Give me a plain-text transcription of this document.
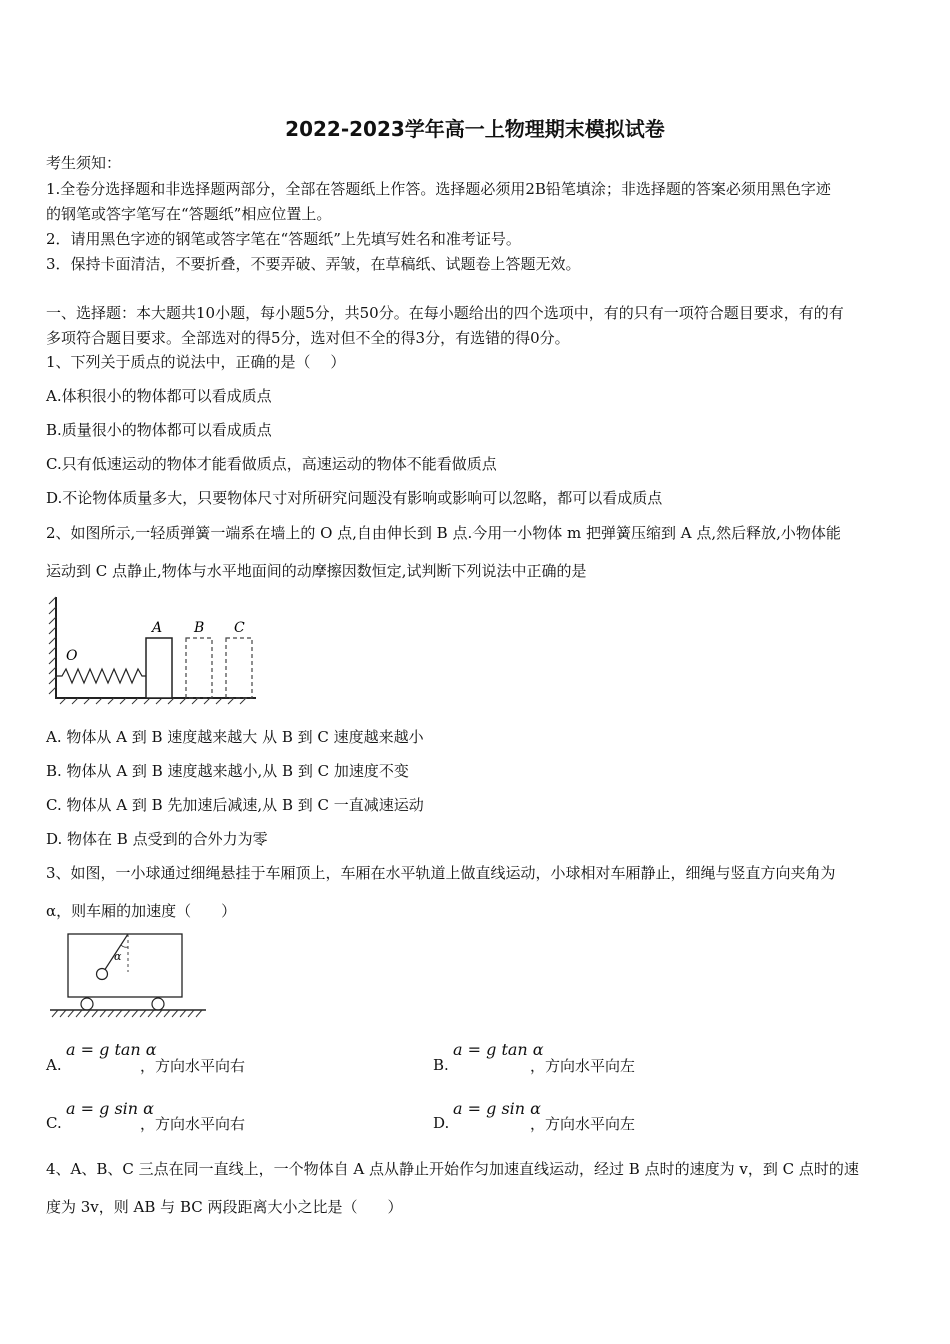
2022-2023学年高一上物理期末模拟试卷
考生须知：
1.全卷分选择题和非选择题两部分，全部在答题纸上作答。选择题必须用2B铅笔填涂；非选择题的答案必须用黑色字迹
的钢笔或答字笔写在“答题纸”相应位置上。
2．请用黑色字迹的钢笔或答字笔在“答题纸”上先填写姓名和准考证号。
3．保持卡面清洁，不要折叠，不要弄破、弄皱，在草稿纸、试题卷上答题无效。
一、选择题：本大题共10小题，每小题5分，共50分。在每小题给出的四个选项中，有的只有一项符合题目要求，有的有
多项符合题目要求。全部选对的得5分，选对但不全的得3分，有选错的得0分。
1、下列关于质点的说法中，正确的是（　 ）
A.体积很小的物体都可以看成质点
B.质量很小的物体都可以看成质点
C.只有低速运动的物体才能看做质点，高速运动的物体不能看做质点
D.不论物体质量多大，只要物体尺寸对所研究问题没有影响或影响可以忽略，都可以看成质点
2、如图所示,一轻质弹簧一端系在墙上的 O 点,自由伸长到 B 点.今用一小物体 m 把弹簧压缩到 A 点,然后释放,小物体能
运动到 C 点静止,物体与水平地面间的动摩擦因数恒定,试判断下列说法中正确的是
O
A B C
A. 物体从 A 到 B 速度越来越大 从 B 到 C 速度越来越小
B. 物体从 A 到 B 速度越来越小,从 B 到 C 加速度不变
C. 物体从 A 到 B 先加速后减速,从 B 到 C 一直减速运动
D. 物体在 B 点受到的合外力为零
3、如图，一小球通过细绳悬挂于车厢顶上，车厢在水平轨道上做直线运动，小球相对车厢静止，细绳与竖直方向夹角为
α，则车厢的加速度（　　）
α
A.
a = g tan α
，方向水平向右	B.
a = g tan α
，方向水平向左
C.
a = g sin α
，方向水平向右	D.
a = g sin α
，方向水平向左
4、A、B、C 三点在同一直线上，一个物体自 A 点从静止开始作匀加速直线运动，经过 B 点时的速度为 v，到 C 点时的速
度为 3v，则 AB 与 BC 两段距离大小之比是（　　）
